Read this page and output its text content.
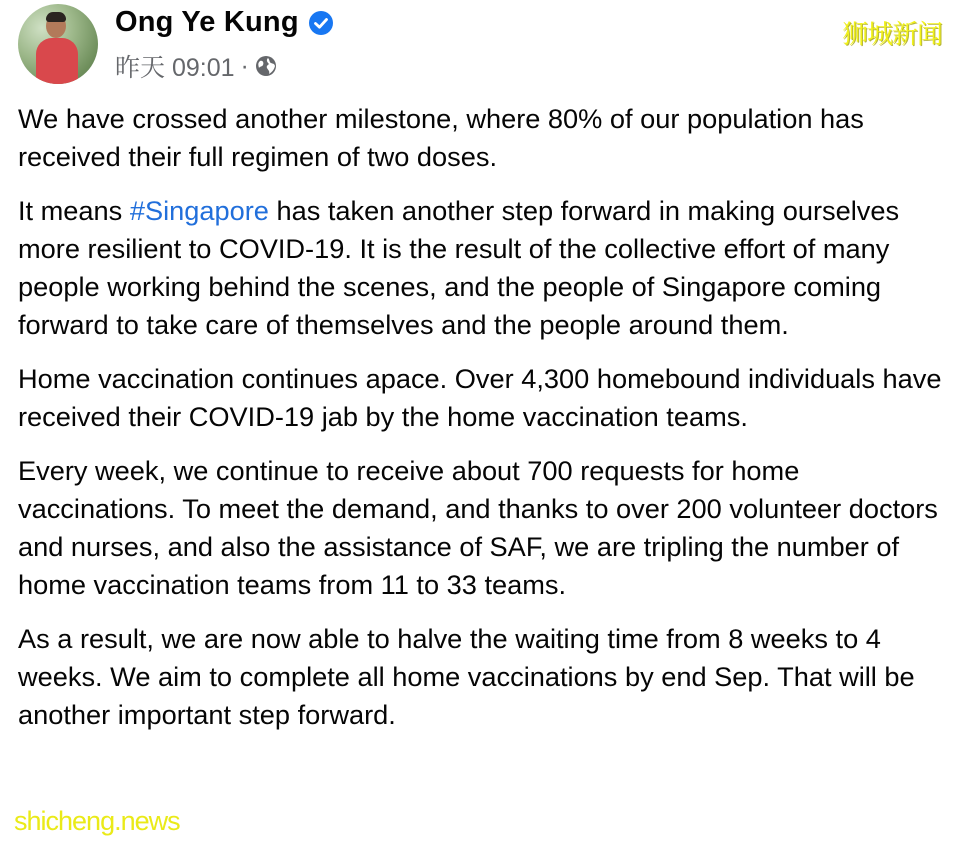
Ong Ye Kung
昨天 09:01 ·

We have crossed another milestone, where 80% of our population has received their full regimen of two doses.

It means #Singapore has taken another step forward in making ourselves more resilient to COVID-19. It is the result of the collective effort of many people working behind the scenes, and the people of Singapore coming forward to take care of themselves and the people around them.

Home vaccination continues apace. Over 4,300 homebound individuals have received their COVID-19 jab by the home vaccination teams.

Every week, we continue to receive about 700 requests for home vaccinations. To meet the demand, and thanks to over 200 volunteer doctors and nurses, and also the assistance of SAF, we are tripling the number of home vaccination teams from 11 to 33 teams.

As a result, we are now able to halve the waiting time from 8 weeks to 4 weeks. We aim to complete all home vaccinations by end Sep. That will be another important step forward.

狮城新闻
shicheng.news
